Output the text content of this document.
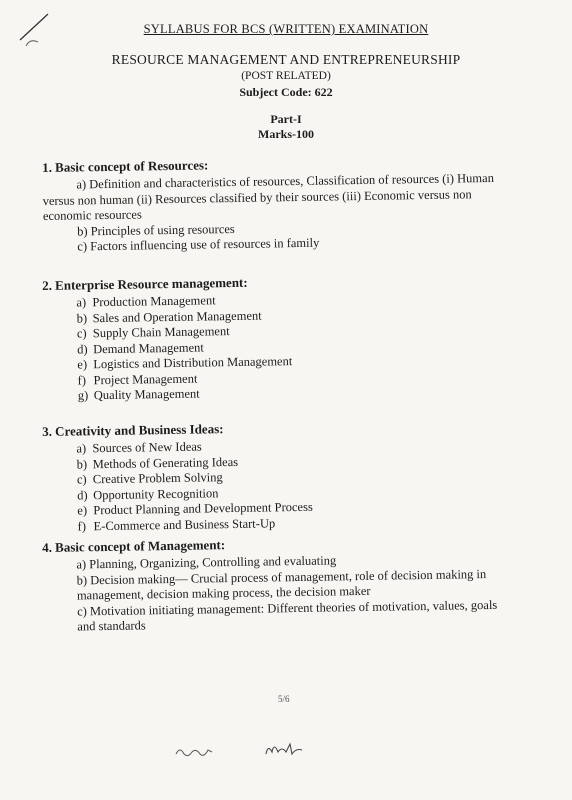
SYLLABUS FOR BCS (WRITTEN) EXAMINATION
RESOURCE MANAGEMENT AND ENTREPRENEURSHIP
(POST RELATED)
Subject Code: 622
Part-I
Marks-100
1. Basic concept of Resources:
a) Definition and characteristics of resources, Classification of resources (i) Human
versus non human (ii) Resources classified by their sources (iii) Economic versus non
economic resources
b) Principles of using resources
c) Factors influencing use of resources in family
2. Enterprise Resource management:
a) Production Management
b) Sales and Operation Management
c) Supply Chain Management
d) Demand Management
e) Logistics and Distribution Management
f) Project Management
g) Quality Management
3. Creativity and Business Ideas:
a) Sources of New Ideas
b) Methods of Generating Ideas
c) Creative Problem Solving
d) Opportunity Recognition
e) Product Planning and Development Process
f) E-Commerce and Business Start-Up
4. Basic concept of Management:
a) Planning, Organizing, Controlling and evaluating
b) Decision making— Crucial process of management, role of decision making in
management, decision making process, the decision maker
c) Motivation initiating management: Different theories of motivation, values, goals
and standards
5/6
